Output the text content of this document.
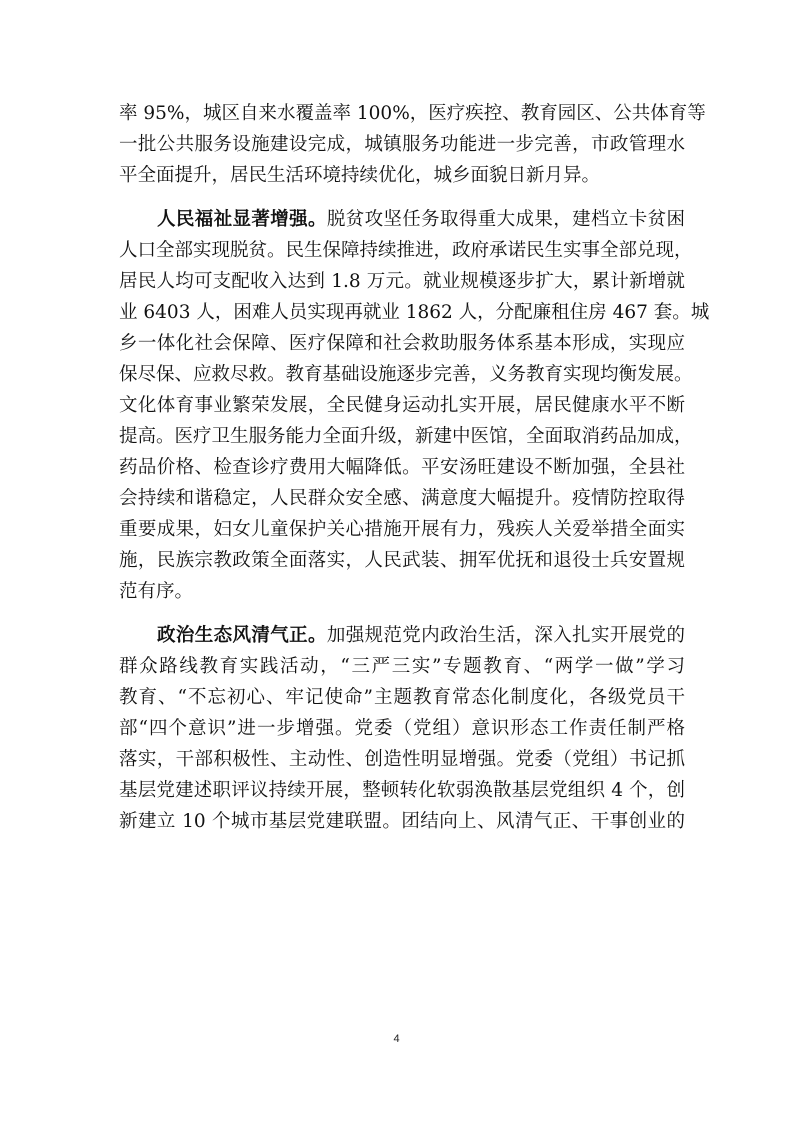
率 95%，城区自来水覆盖率 100%，医疗疾控、教育园区、公共体育等
一批公共服务设施建设完成，城镇服务功能进一步完善，市政管理水
平全面提升，居民生活环境持续优化，城乡面貌日新月异。
人民福祉显著增强。脱贫攻坚任务取得重大成果，建档立卡贫困
人口全部实现脱贫。民生保障持续推进，政府承诺民生实事全部兑现，
居民人均可支配收入达到 1.8 万元。就业规模逐步扩大，累计新增就
业 6403 人，困难人员实现再就业 1862 人，分配廉租住房 467 套。城
乡一体化社会保障、医疗保障和社会救助服务体系基本形成，实现应
保尽保、应救尽救。教育基础设施逐步完善，义务教育实现均衡发展。
文化体育事业繁荣发展，全民健身运动扎实开展，居民健康水平不断
提高。医疗卫生服务能力全面升级，新建中医馆，全面取消药品加成，
药品价格、检查诊疗费用大幅降低。平安汤旺建设不断加强，全县社
会持续和谐稳定，人民群众安全感、满意度大幅提升。疫情防控取得
重要成果，妇女儿童保护关心措施开展有力，残疾人关爱举措全面实
施，民族宗教政策全面落实，人民武装、拥军优抚和退役士兵安置规
范有序。
政治生态风清气正。加强规范党内政治生活，深入扎实开展党的
群众路线教育实践活动，“三严三实”专题教育、“两学一做”学习
教育、“不忘初心、牢记使命”主题教育常态化制度化，各级党员干
部“四个意识”进一步增强。党委（党组）意识形态工作责任制严格
落实，干部积极性、主动性、创造性明显增强。党委（党组）书记抓
基层党建述职评议持续开展，整顿转化软弱涣散基层党组织 4 个，创
新建立 10 个城市基层党建联盟。团结向上、风清气正、干事创业的
4
